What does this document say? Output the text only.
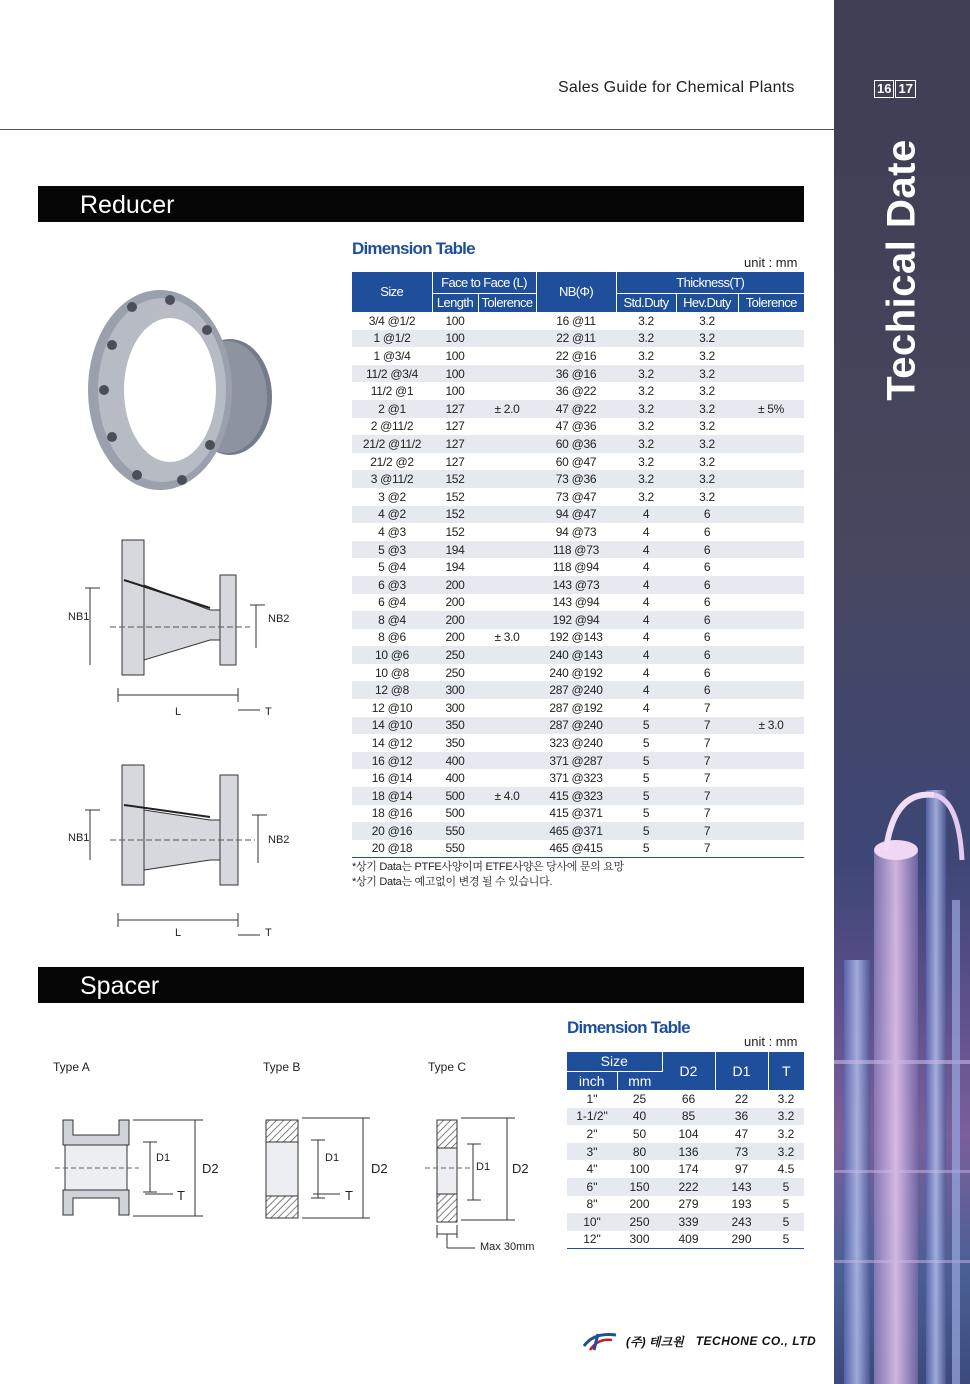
Sales Guide for Chemical Plants
Techical Date
16 17
Reducer
NB1	NB2
L	T
NB1	NB2
L	T
Dimension Table
unit : mm
Size	Face to Face (L)		NB(Φ)	Thickness(T)		
	Length	Tolerence		Std.Duty	Hev.Duty	Tolerence
3/4 @1/2	100		16 @11	3.2	3.2	
1 @1/2	100		22 @11	3.2	3.2	
1 @3/4	100		22 @16	3.2	3.2	
11/2 @3/4	100		36 @16	3.2	3.2	
11/2 @1	100		36 @22	3.2	3.2	
2 @1	127	± 2.0	47 @22	3.2	3.2	± 5%
2 @11/2	127		47 @36	3.2	3.2	
21/2 @11/2	127		60 @36	3.2	3.2	
21/2 @2	127		60 @47	3.2	3.2	
3 @11/2	152		73 @36	3.2	3.2	
3 @2	152		73 @47	3.2	3.2	
4 @2	152		94 @47	4	6	
4 @3	152		94 @73	4	6	
5 @3	194		118 @73	4	6	
5 @4	194		118 @94	4	6	
6 @3	200		143 @73	4	6	
6 @4	200		143 @94	4	6	
8 @4	200		192 @94	4	6	
8 @6	200	± 3.0	192 @143	4	6	
10 @6	250		240 @143	4	6	
10 @8	250		240 @192	4	6	
12 @8	300		287 @240	4	6	
12 @10	300		287 @192	4	7	
14 @10	350		287 @240	5	7	± 3.0
14 @12	350		323 @240	5	7	
16 @12	400		371 @287	5	7	
16 @14	400		371 @323	5	7	
18 @14	500	± 4.0	415 @323	5	7	
18 @16	500		415 @371	5	7	
20 @16	550		465 @371	5	7	
20 @18	550		465 @415	5	7	
*상기 Data는 PTFE사양이며 ETFE사양은 당사에 문의 요망
*상기 Data는 예고없이 변경 될 수 있습니다.
Spacer
Type A	Type B	Type C
D1
D2
T
D1
D2
T
D1 D2
Max 30mm
Dimension Table
unit : mm
Size		D2	D1	T
inch	mm			
1"	25	66	22	3.2
1-1/2"	40	85	36	3.2
2"	50	104	47	3.2
3"	80	136	73	3.2
4"	100	174	97	4.5
6"	150	222	143	5
8"	200	279	193	5
10"	250	339	243	5
12"	300	409	290	5
(주) 테크원 TECHONE CO., LTD
